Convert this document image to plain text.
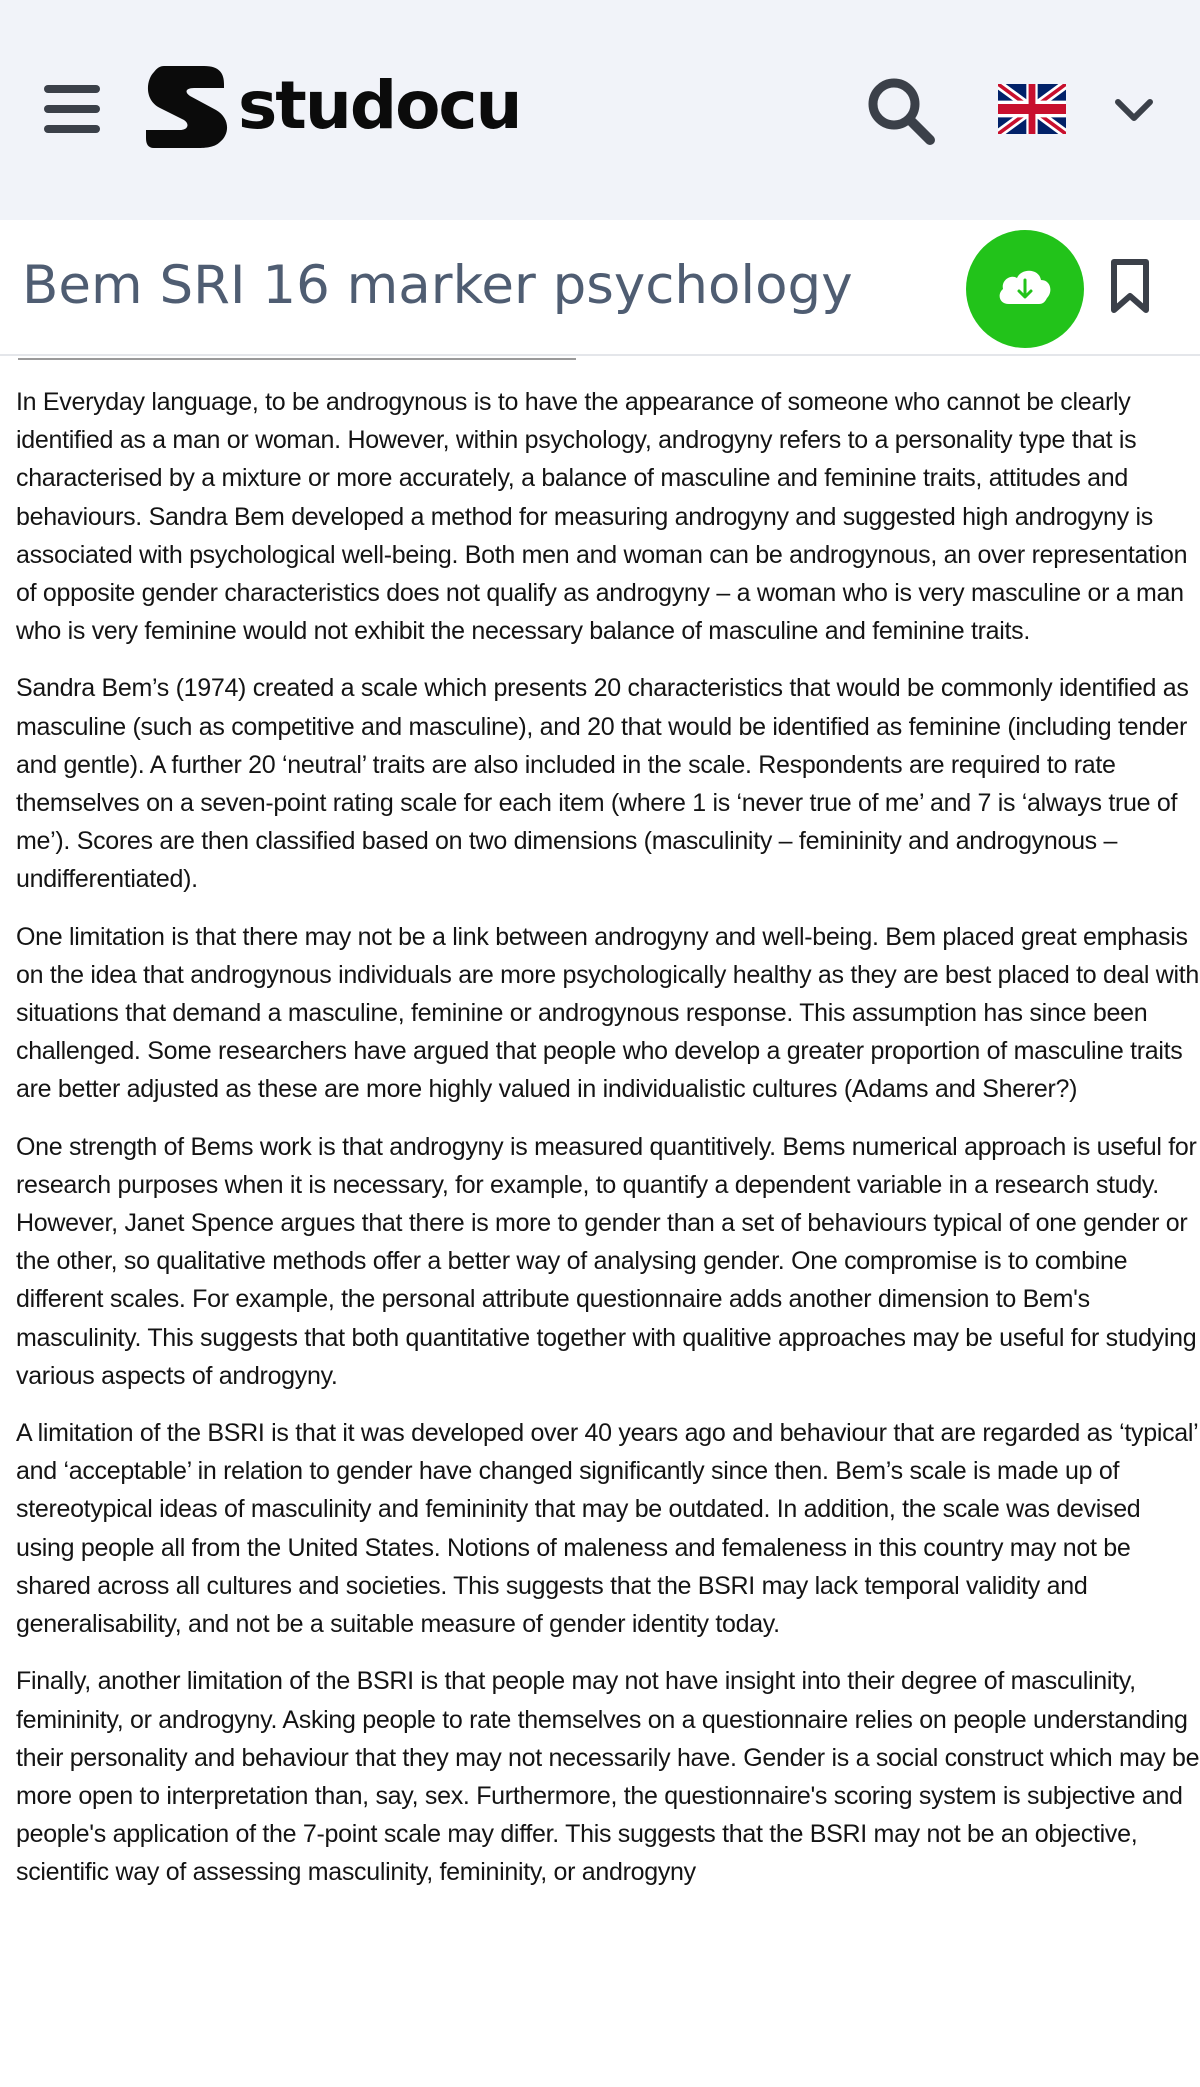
studocu
Bem SRI 16 marker psychology

In Everyday language, to be androgynous is to have the appearance of someone who cannot be clearly identified as a man or woman. However, within psychology, androgyny refers to a personality type that is characterised by a mixture or more accurately, a balance of masculine and feminine traits, attitudes and behaviours. Sandra Bem developed a method for measuring androgyny and suggested high androgyny is associated with psychological well-being. Both men and woman can be androgynous, an over representation of opposite gender characteristics does not qualify as androgyny – a woman who is very masculine or a man who is very feminine would not exhibit the necessary balance of masculine and feminine traits.

Sandra Bem’s (1974) created a scale which presents 20 characteristics that would be commonly identified as masculine (such as competitive and masculine), and 20 that would be identified as feminine (including tender and gentle). A further 20 ‘neutral’ traits are also included in the scale. Respondents are required to rate themselves on a seven-point rating scale for each item (where 1 is ‘never true of me’ and 7 is ‘always true of me’). Scores are then classified based on two dimensions (masculinity – femininity and androgynous – undifferentiated).

One limitation is that there may not be a link between androgyny and well-being. Bem placed great emphasis on the idea that androgynous individuals are more psychologically healthy as they are best placed to deal with situations that demand a masculine, feminine or androgynous response. This assumption has since been challenged. Some researchers have argued that people who develop a greater proportion of masculine traits are better adjusted as these are more highly valued in individualistic cultures (Adams and Sherer?)

One strength of Bems work is that androgyny is measured quantitively. Bems numerical approach is useful for research purposes when it is necessary, for example, to quantify a dependent variable in a research study. However, Janet Spence argues that there is more to gender than a set of behaviours typical of one gender or the other, so qualitative methods offer a better way of analysing gender. One compromise is to combine different scales. For example, the personal attribute questionnaire adds another dimension to Bem's masculinity. This suggests that both quantitative together with qualitive approaches may be useful for studying various aspects of androgyny.

A limitation of the BSRI is that it was developed over 40 years ago and behaviour that are regarded as ‘typical’ and ‘acceptable’ in relation to gender have changed significantly since then. Bem’s scale is made up of stereotypical ideas of masculinity and femininity that may be outdated. In addition, the scale was devised using people all from the United States. Notions of maleness and femaleness in this country may not be shared across all cultures and societies. This suggests that the BSRI may lack temporal validity and generalisability, and not be a suitable measure of gender identity today.

Finally, another limitation of the BSRI is that people may not have insight into their degree of masculinity, femininity, or androgyny. Asking people to rate themselves on a questionnaire relies on people understanding their personality and behaviour that they may not necessarily have. Gender is a social construct which may be more open to interpretation than, say, sex. Furthermore, the questionnaire's scoring system is subjective and people's application of the 7-point scale may differ. This suggests that the BSRI may not be an objective, scientific way of assessing masculinity, femininity, or androgyny
